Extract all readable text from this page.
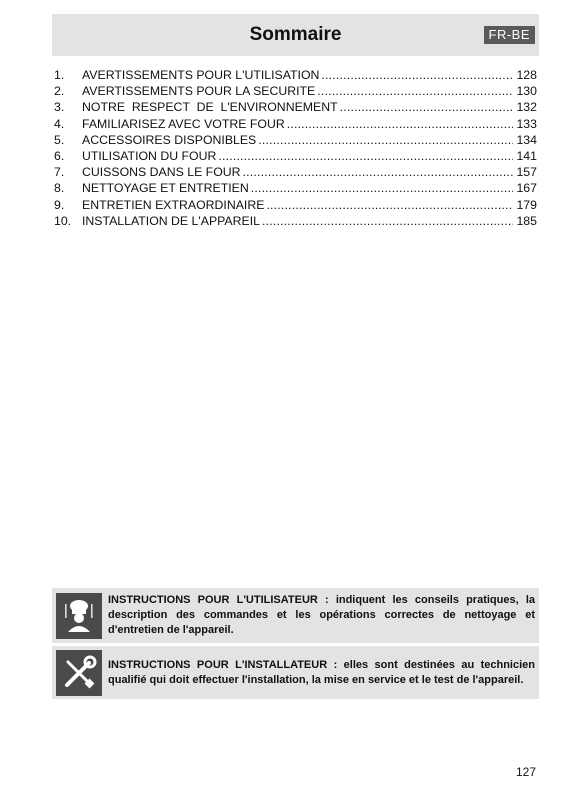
Sommaire	FR-BE
1.	AVERTISSEMENTS POUR L'UTILISATION .....	128
2.	AVERTISSEMENTS POUR LA SECURITE .....	130
3.	NOTRE  RESPECT  DE  L'ENVIRONNEMENT .....	132
4.	FAMILIARISEZ AVEC VOTRE FOUR .....	133
5.	ACCESSOIRES DISPONIBLES .....	134
6.	UTILISATION DU FOUR .....	141
7.	CUISSONS DANS LE FOUR .....	157
8.	NETTOYAGE ET ENTRETIEN .....	167
9.	ENTRETIEN EXTRAORDINAIRE .....	179
10. INSTALLATION DE L'APPAREIL .....	185
INSTRUCTIONS POUR L'UTILISATEUR : indiquent les conseils pratiques, la description des commandes et les opérations correctes de nettoyage et d'entretien de l'appareil.
INSTRUCTIONS POUR L'INSTALLATEUR : elles sont destinées au technicien qualifié qui doit effectuer l'installation, la mise en service et le test de l'appareil.
127
